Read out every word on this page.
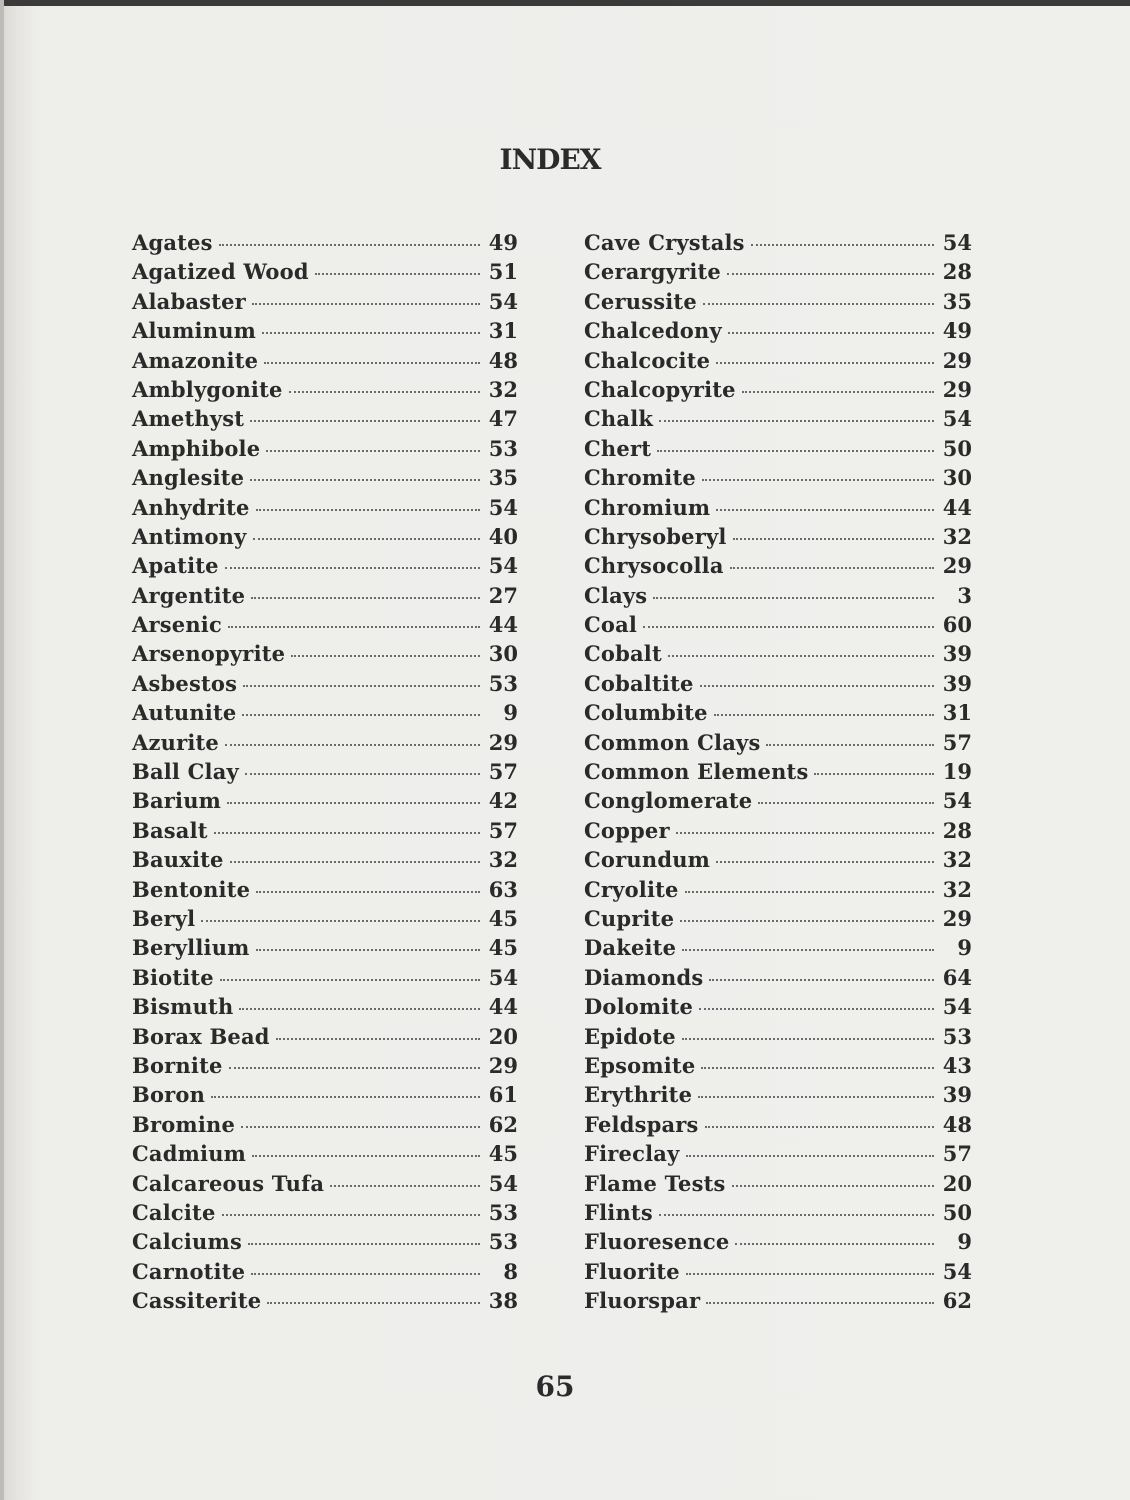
INDEX
Agates	49
Agatized Wood	51
Alabaster	54
Aluminum	31
Amazonite	48
Amblygonite	32
Amethyst	47
Amphibole	53
Anglesite	35
Anhydrite	54
Antimony	40
Apatite	54
Argentite	27
Arsenic	44
Arsenopyrite	30
Asbestos	53
Autunite	9
Azurite	29
Ball Clay	57
Barium	42
Basalt	57
Bauxite	32
Bentonite	63
Beryl	45
Beryllium	45
Biotite	54
Bismuth	44
Borax Bead	20
Bornite	29
Boron	61
Bromine	62
Cadmium	45
Calcareous Tufa	54
Calcite	53
Calciums	53
Carnotite	8
Cassiterite	38
Cave Crystals	54
Cerargyrite	28
Cerussite	35
Chalcedony	49
Chalcocite	29
Chalcopyrite	29
Chalk	54
Chert	50
Chromite	30
Chromium	44
Chrysoberyl	32
Chrysocolla	29
Clays	3
Coal	60
Cobalt	39
Cobaltite	39
Columbite	31
Common Clays	57
Common Elements	19
Conglomerate	54
Copper	28
Corundum	32
Cryolite	32
Cuprite	29
Dakeite	9
Diamonds	64
Dolomite	54
Epidote	53
Epsomite	43
Erythrite	39
Feldspars	48
Fireclay	57
Flame Tests	20
Flints	50
Fluoresence	9
Fluorite	54
Fluorspar	62
65
